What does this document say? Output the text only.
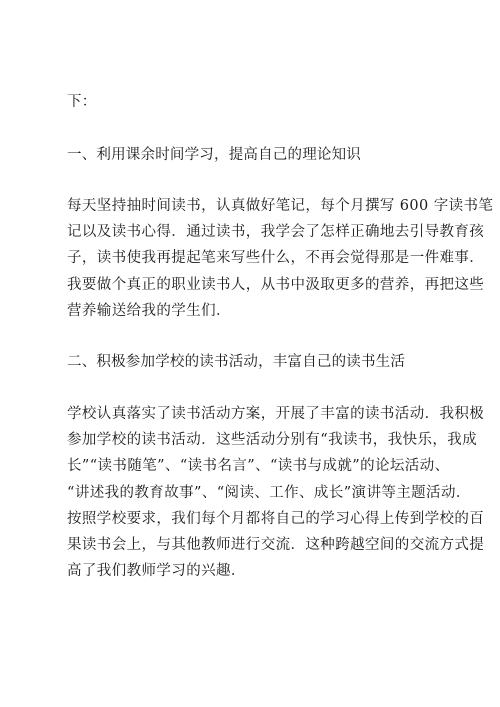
下：
一、利用课余时间学习，提高自己的理论知识
每天坚持抽时间读书，认真做好笔记，每个月撰写 600 字读书笔
记以及读书心得．通过读书，我学会了怎样正确地去引导教育孩
子，读书使我再提起笔来写些什么，不再会觉得那是一件难事．
我要做个真正的职业读书人，从书中汲取更多的营养，再把这些
营养输送给我的学生们．
二、积极参加学校的读书活动，丰富自己的读书生活
学校认真落实了读书活动方案，开展了丰富的读书活动．我积极
参加学校的读书活动．这些活动分别有“我读书，我快乐，我成
长”“读书随笔”、“读书名言”、“读书与成就”的论坛活动、
“讲述我的教育故事”、“阅读、工作、成长”演讲等主题活动．
按照学校要求，我们每个月都将自己的学习心得上传到学校的百
果读书会上，与其他教师进行交流．这种跨越空间的交流方式提
高了我们教师学习的兴趣．
